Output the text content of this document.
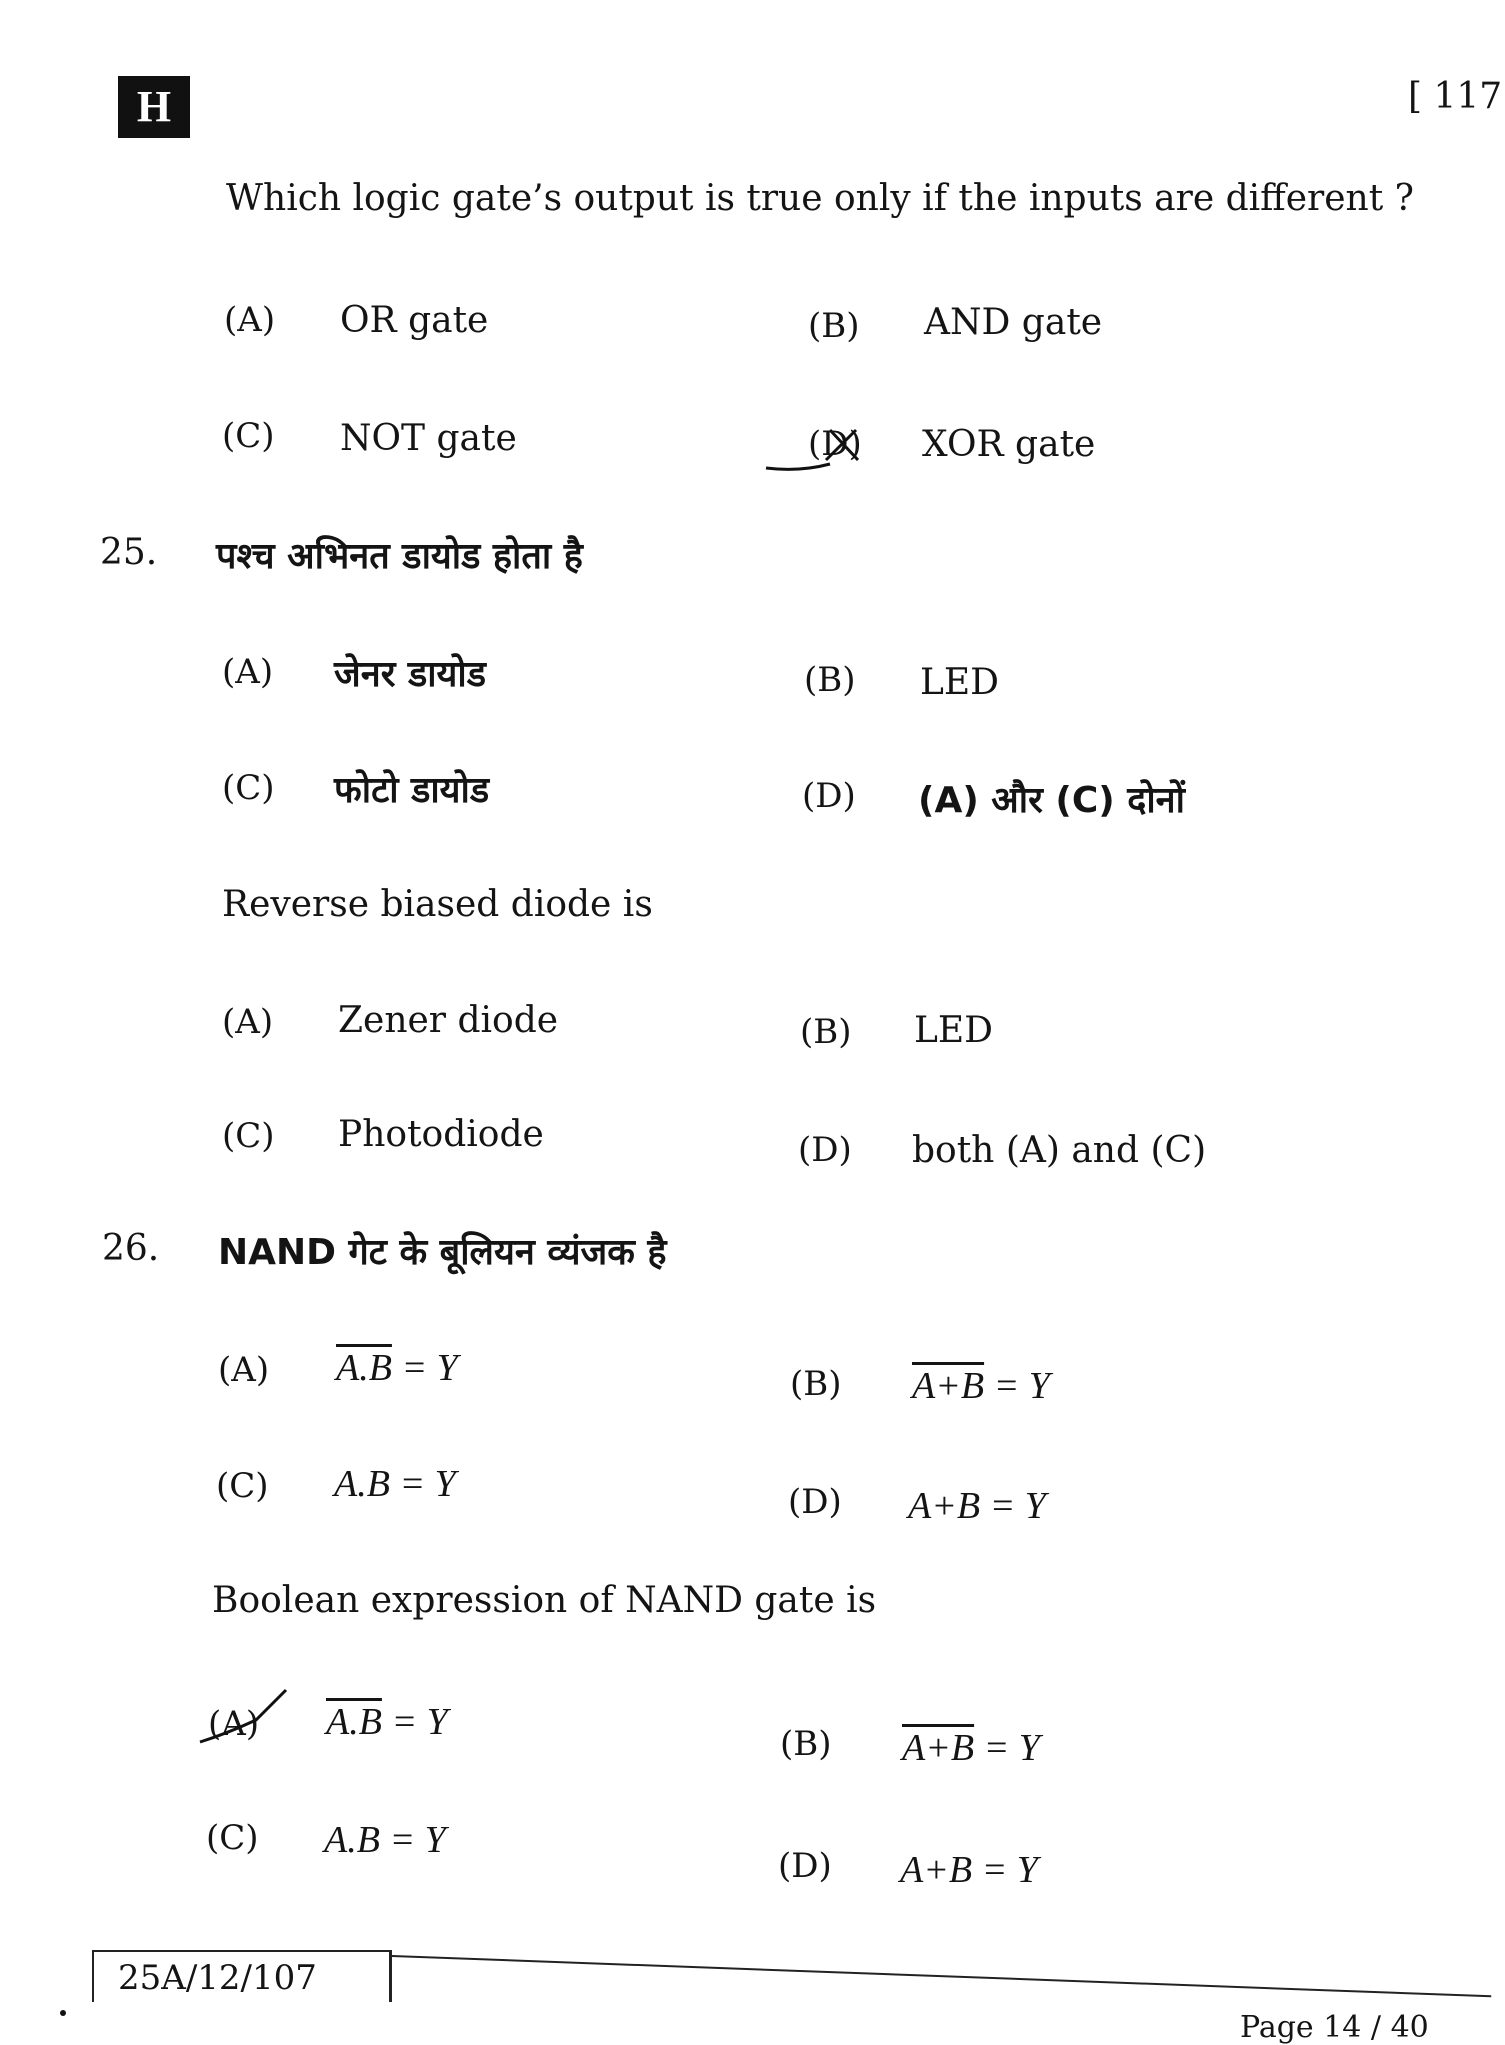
H	[ 117
Which logic gate’s output is true only if the inputs are different ?
(A) OR gate	(B) AND gate
(C) NOT gate	(D) XOR gate
25. पश्च अभिनत डायोड होता है
(A) जेनर डायोड	(B) LED
(C) फोटो डायोड	(D) (A) और (C) दोनों
Reverse biased diode is
(A) Zener diode	(B) LED
(C) Photodiode	(D) both (A) and (C)
26. NAND गेट के बूलियन व्यंजक है
(A) A.B = Y	(B) A+B = Y
(C) A.B = Y	(D) A+B = Y
Boolean expression of NAND gate is
(A) A.B = Y
(B) A+B = Y
(C) A.B = Y
(D) A+B = Y
25A/12/107
Page 14 / 40
